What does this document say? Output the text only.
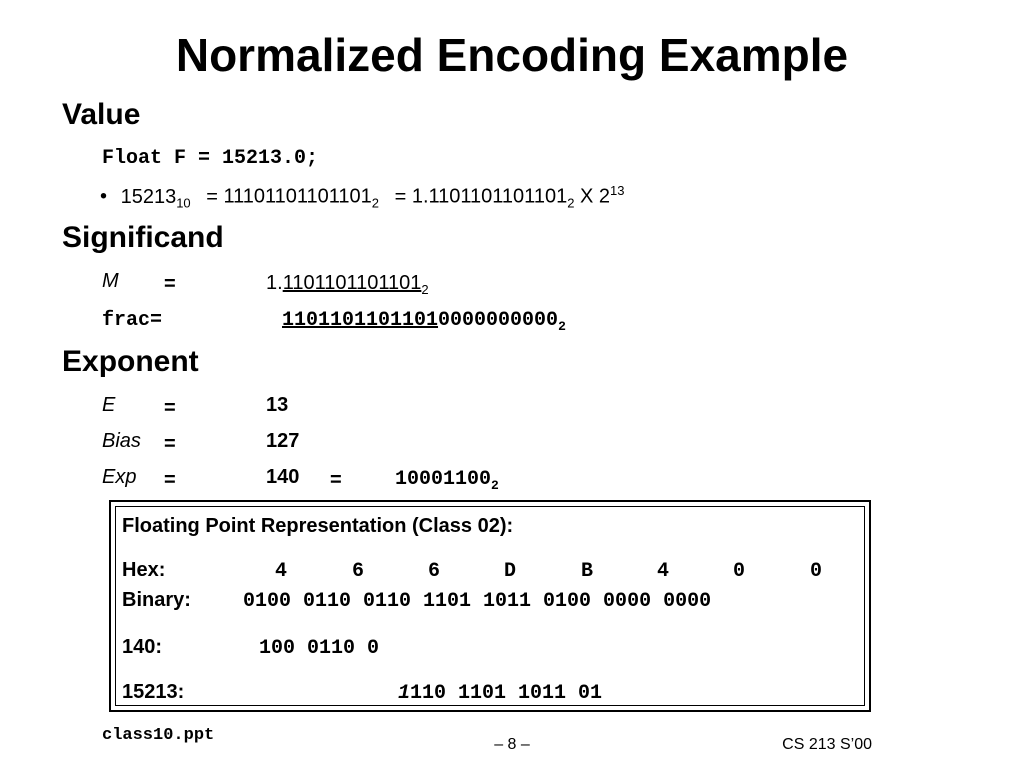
Normalized Encoding Example
Value
Float F = 15213.0;
• $15213_{10} = 11101101101101_2 = 1.1101101101101_2$ X $2^{13}$
Significand
M =	$1.1101101101101_2$
frac=	$11011011011010000000000_2$
Exponent
E =	13
Bias =	127
Exp =	140 =	$10001100_2$
Floating Point Representation (Class 02):
Hex:	4	6	6	D	B	4	0	0
Binary:	0100 0110 0110 1101 1011 0100 0000 0000
140:	100 0110 0
15213:	1110 1101 1011 01
class10.ppt	– 8 –	CS 213 S’00
